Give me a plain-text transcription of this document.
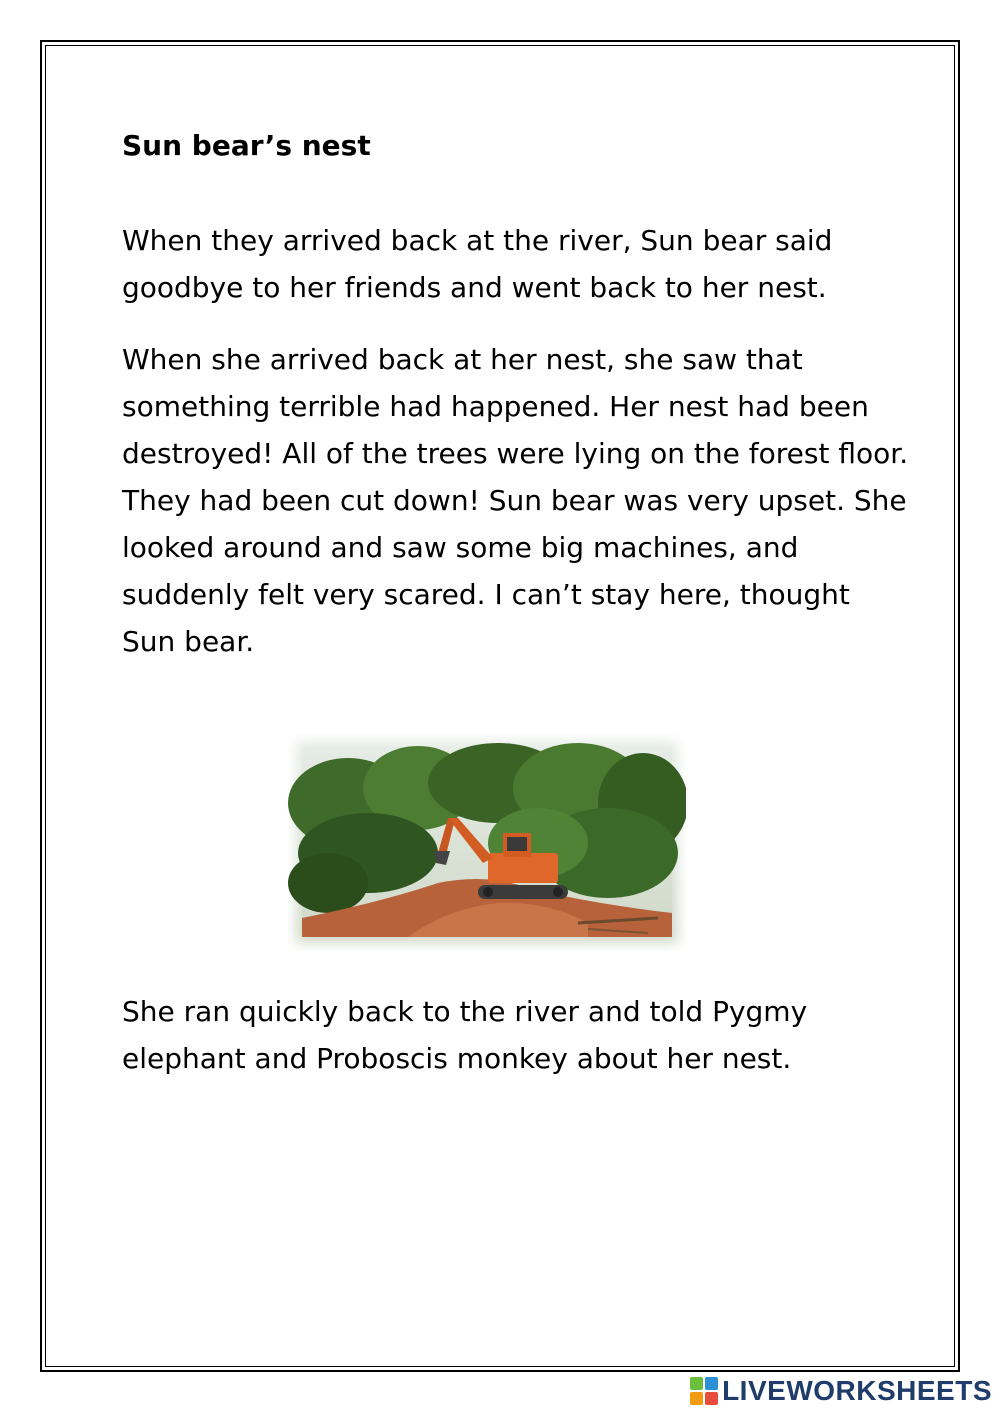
Sun bear’s nest

When they arrived back at the river, Sun bear said goodbye to her friends and went back to her nest.

When she arrived back at her nest, she saw that something terrible had happened. Her nest had been destroyed! All of the trees were lying on the forest floor. They had been cut down! Sun bear was very upset. She looked around and saw some big machines, and suddenly felt very scared. I can’t stay here, thought Sun bear.

She ran quickly back to the river and told Pygmy elephant and Proboscis monkey about her nest.

LIVEWORKSHEETS
